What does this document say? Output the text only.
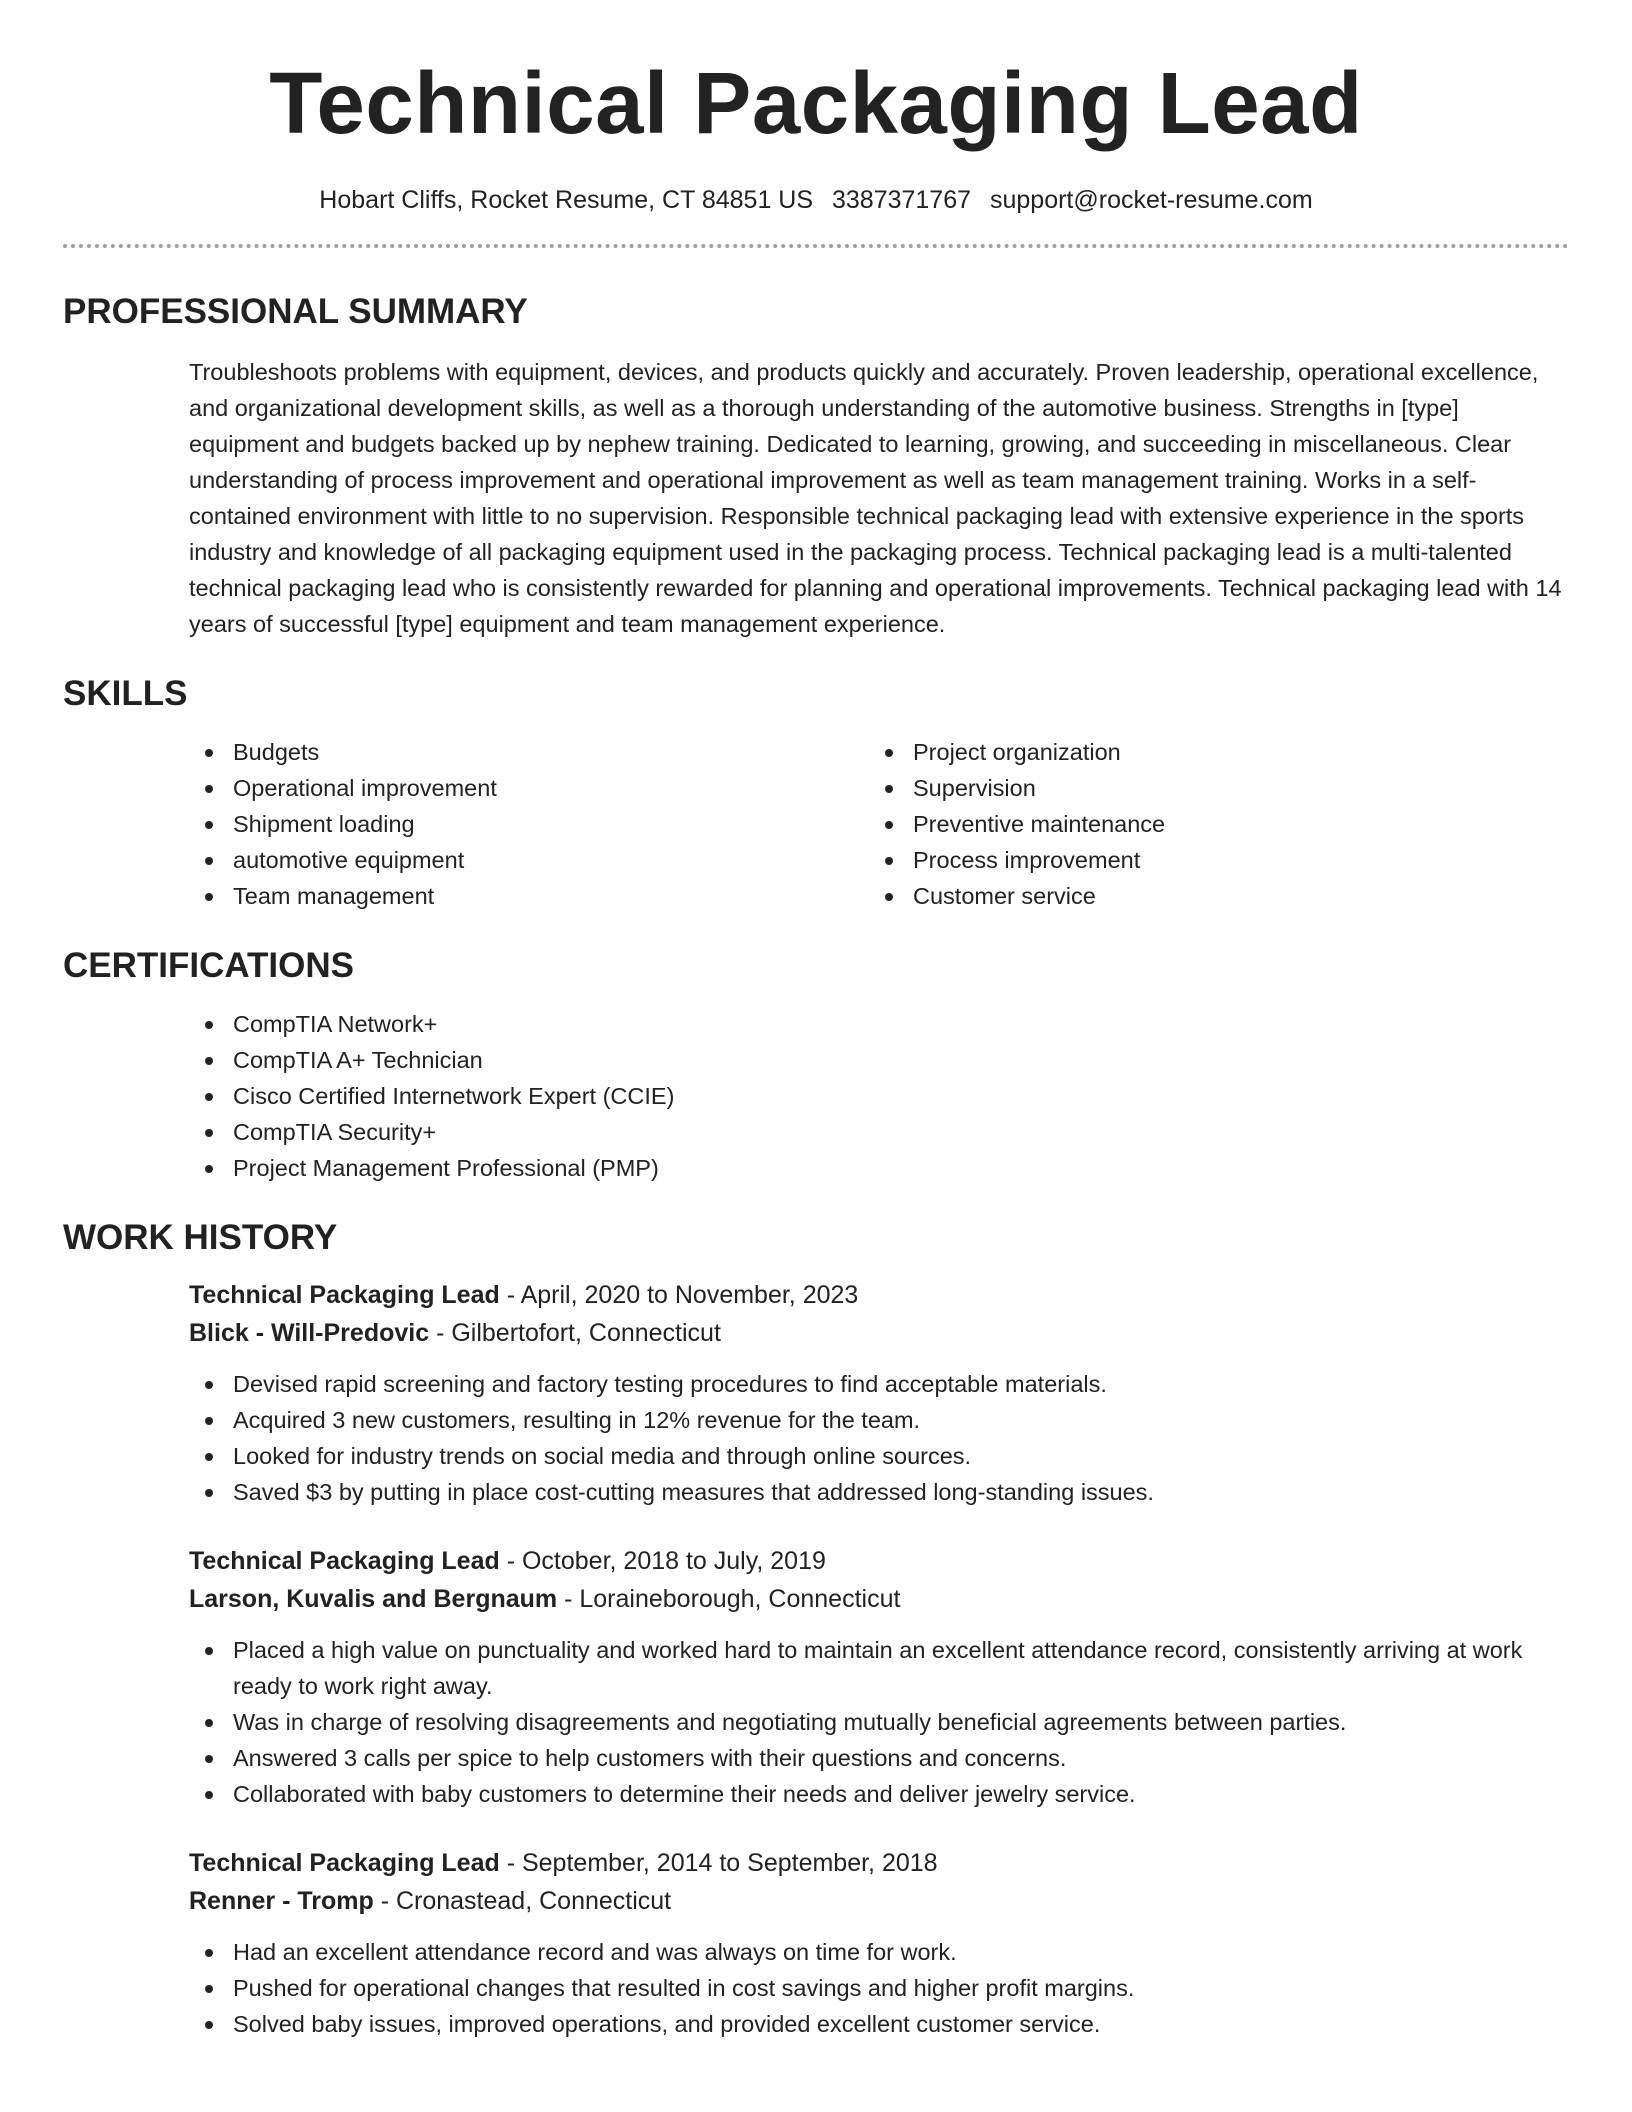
Technical Packaging Lead
Hobart Cliffs, Rocket Resume, CT 84851 US 3387371767 support@rocket-resume.com
PROFESSIONAL SUMMARY

Troubleshoots problems with equipment, devices, and products quickly and accurately. Proven leadership, operational excellence, and organizational development skills, as well as a thorough understanding of the automotive business. Strengths in [type] equipment and budgets backed up by nephew training. Dedicated to learning, growing, and succeeding in miscellaneous. Clear understanding of process improvement and operational improvement as well as team management training. Works in a self-contained environment with little to no supervision. Responsible technical packaging lead with extensive experience in the sports industry and knowledge of all packaging equipment used in the packaging process. Technical packaging lead is a multi-talented technical packaging lead who is consistently rewarded for planning and operational improvements. Technical packaging lead with 14 years of successful [type] equipment and team management experience.

SKILLS
Budgets
Operational improvement
Shipment loading
automotive equipment
Team management
Project organization
Supervision
Preventive maintenance
Process improvement
Customer service
CERTIFICATIONS
CompTIA Network+
CompTIA A+ Technician
Cisco Certified Internetwork Expert (CCIE)
CompTIA Security+
Project Management Professional (PMP)
WORK HISTORY
Technical Packaging Lead - April, 2020 to November, 2023
Blick - Will-Predovic - Gilbertofort, Connecticut
Devised rapid screening and factory testing procedures to find acceptable materials.
Acquired 3 new customers, resulting in 12% revenue for the team.
Looked for industry trends on social media and through online sources.
Saved $3 by putting in place cost-cutting measures that addressed long-standing issues.
Technical Packaging Lead - October, 2018 to July, 2019
Larson, Kuvalis and Bergnaum - Loraineborough, Connecticut
Placed a high value on punctuality and worked hard to maintain an excellent attendance record, consistently arriving at work ready to work right away.
Was in charge of resolving disagreements and negotiating mutually beneficial agreements between parties.
Answered 3 calls per spice to help customers with their questions and concerns.
Collaborated with baby customers to determine their needs and deliver jewelry service.
Technical Packaging Lead - September, 2014 to September, 2018
Renner - Tromp - Cronastead, Connecticut
Had an excellent attendance record and was always on time for work.
Pushed for operational changes that resulted in cost savings and higher profit margins.
Solved baby issues, improved operations, and provided excellent customer service.
